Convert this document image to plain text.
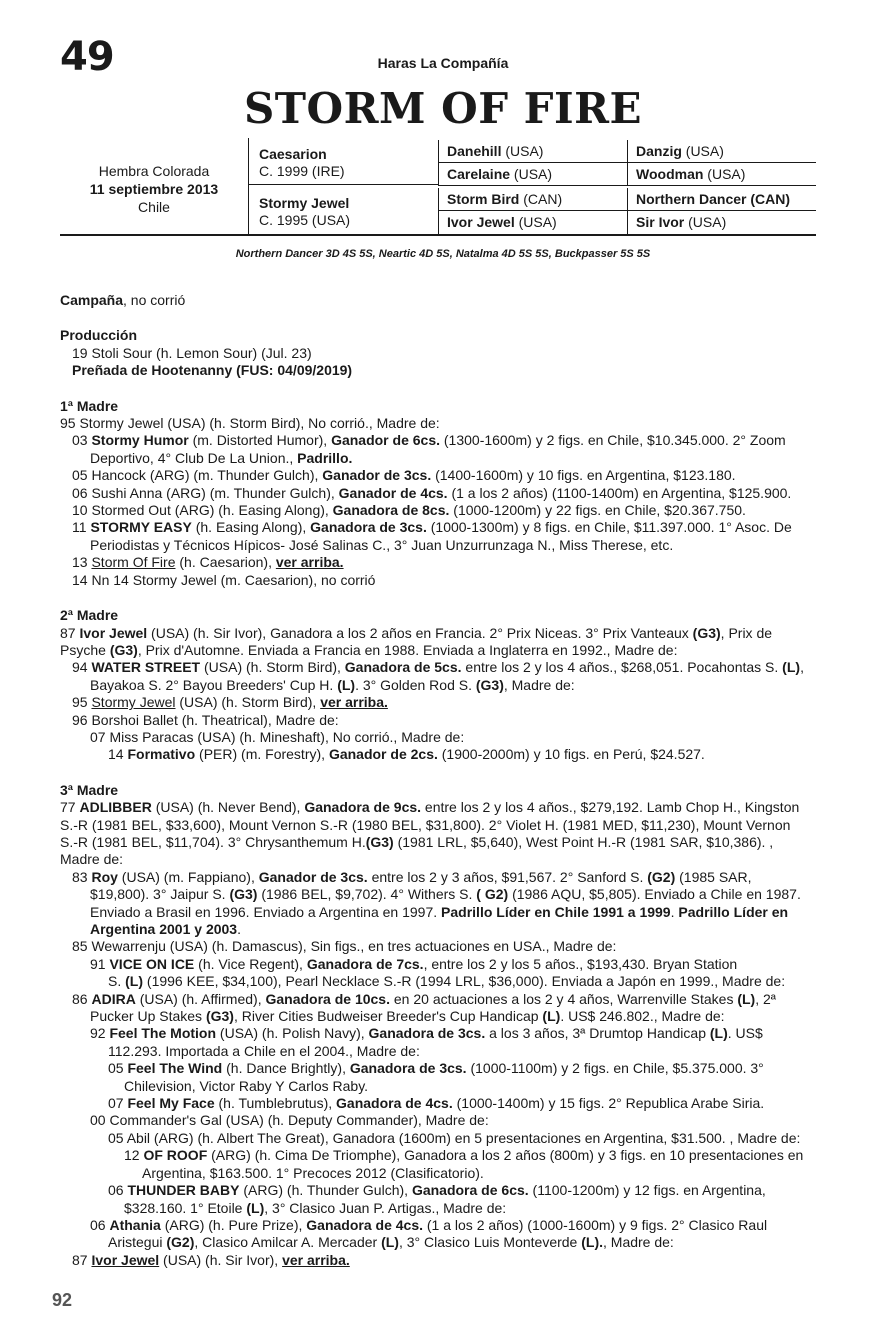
49	Haras La Compañía
STORM OF FIRE
Hembra Colorada
11 septiembre 2013
Chile
Caesarion
C. 1999 (IRE)
Stormy Jewel
C. 1995 (USA)
Danehill (USA)
Carelaine (USA)
Storm Bird (CAN)
Ivor Jewel (USA)
Danzig (USA)
Woodman (USA)
Northern Dancer (CAN)
Sir Ivor (USA)
Northern Dancer 3D 4S 5S, Neartic 4D 5S, Natalma 4D 5S 5S, Buckpasser 5S 5S
Campaña, no corrió
Producción
19 Stoli Sour (h. Lemon Sour) (Jul. 23)
Preñada de Hootenanny (FUS: 04/09/2019)
1ª Madre
95 Stormy Jewel (USA) (h. Storm Bird), No corrió., Madre de:
03 Stormy Humor (m. Distorted Humor), Ganador de 6cs. (1300-1600m) y 2 figs. en Chile, $10.345.000. 2° Zoom
Deportivo, 4° Club De La Union., Padrillo.
05 Hancock (ARG) (m. Thunder Gulch), Ganador de 3cs. (1400-1600m) y 10 figs. en Argentina, $123.180.
06 Sushi Anna (ARG) (m. Thunder Gulch), Ganador de 4cs. (1 a los 2 años) (1100-1400m) en Argentina, $125.900.
10 Stormed Out (ARG) (h. Easing Along), Ganadora de 8cs. (1000-1200m) y 22 figs. en Chile, $20.367.750.
11 STORMY EASY (h. Easing Along), Ganadora de 3cs. (1000-1300m) y 8 figs. en Chile, $11.397.000. 1° Asoc. De
Periodistas y Técnicos Hípicos- José Salinas C., 3° Juan Unzurrunzaga N., Miss Therese, etc.
13 Storm Of Fire (h. Caesarion), ver arriba.
14 Nn 14 Stormy Jewel (m. Caesarion), no corrió
2ª Madre
87 Ivor Jewel (USA) (h. Sir Ivor), Ganadora a los 2 años en Francia. 2° Prix Niceas. 3° Prix Vanteaux (G3), Prix de
Psyche (G3), Prix d'Automne. Enviada a Francia en 1988. Enviada a Inglaterra en 1992., Madre de:
94 WATER STREET (USA) (h. Storm Bird), Ganadora de 5cs. entre los 2 y los 4 años., $268,051. Pocahontas S. (L),
Bayakoa S. 2° Bayou Breeders' Cup H. (L). 3° Golden Rod S. (G3), Madre de:
95 Stormy Jewel (USA) (h. Storm Bird), ver arriba.
96 Borshoi Ballet (h. Theatrical), Madre de:
07 Miss Paracas (USA) (h. Mineshaft), No corrió., Madre de:
14 Formativo (PER) (m. Forestry), Ganador de 2cs. (1900-2000m) y 10 figs. en Perú, $24.527.
3ª Madre
77 ADLIBBER (USA) (h. Never Bend), Ganadora de 9cs. entre los 2 y los 4 años., $279,192. Lamb Chop H., Kingston
S.-R (1981 BEL, $33,600), Mount Vernon S.-R (1980 BEL, $31,800). 2° Violet H. (1981 MED, $11,230), Mount Vernon
S.-R (1981 BEL, $11,704). 3° Chrysanthemum H.(G3) (1981 LRL, $5,640), West Point H.-R (1981 SAR, $10,386). ,
Madre de:
83 Roy (USA) (m. Fappiano), Ganador de 3cs. entre los 2 y 3 años, $91,567. 2° Sanford S. (G2) (1985 SAR,
$19,800). 3° Jaipur S. (G3) (1986 BEL, $9,702). 4° Withers S. ( G2) (1986 AQU, $5,805). Enviado a Chile en 1987.
Enviado a Brasil en 1996. Enviado a Argentina en 1997. Padrillo Líder en Chile 1991 a 1999. Padrillo Líder en
Argentina 2001 y 2003.
85 Wewarrenju (USA) (h. Damascus), Sin figs., en tres actuaciones en USA., Madre de:
91 VICE ON ICE (h. Vice Regent), Ganadora de 7cs., entre los 2 y los 5 años., $193,430. Bryan Station
S. (L) (1996 KEE, $34,100), Pearl Necklace S.-R (1994 LRL, $36,000). Enviada a Japón en 1999., Madre de:
86 ADIRA (USA) (h. Affirmed), Ganadora de 10cs. en 20 actuaciones a los 2 y 4 años, Warrenville Stakes (L), 2ª
Pucker Up Stakes (G3), River Cities Budweiser Breeder's Cup Handicap (L). US$ 246.802., Madre de:
92 Feel The Motion (USA) (h. Polish Navy), Ganadora de 3cs. a los 3 años, 3ª Drumtop Handicap (L). US$
112.293. Importada a Chile en el 2004., Madre de:
05 Feel The Wind (h. Dance Brightly), Ganadora de 3cs. (1000-1100m) y 2 figs. en Chile, $5.375.000. 3°
Chilevision, Victor Raby Y Carlos Raby.
07 Feel My Face (h. Tumblebrutus), Ganadora de 4cs. (1000-1400m) y 15 figs. 2° Republica Arabe Siria.
00 Commander's Gal (USA) (h. Deputy Commander), Madre de:
05 Abil (ARG) (h. Albert The Great), Ganadora (1600m) en 5 presentaciones en Argentina, $31.500. , Madre de:
12 OF ROOF (ARG) (h. Cima De Triomphe), Ganadora a los 2 años (800m) y 3 figs. en 10 presentaciones en
Argentina, $163.500. 1° Precoces 2012 (Clasificatorio).
06 THUNDER BABY (ARG) (h. Thunder Gulch), Ganadora de 6cs. (1100-1200m) y 12 figs. en Argentina,
$328.160. 1° Etoile (L), 3° Clasico Juan P. Artigas., Madre de:
06 Athania (ARG) (h. Pure Prize), Ganadora de 4cs. (1 a los 2 años) (1000-1600m) y 9 figs. 2° Clasico Raul
Aristegui (G2), Clasico Amilcar A. Mercader (L), 3° Clasico Luis Monteverde (L)., Madre de:
87 Ivor Jewel (USA) (h. Sir Ivor), ver arriba.
92
